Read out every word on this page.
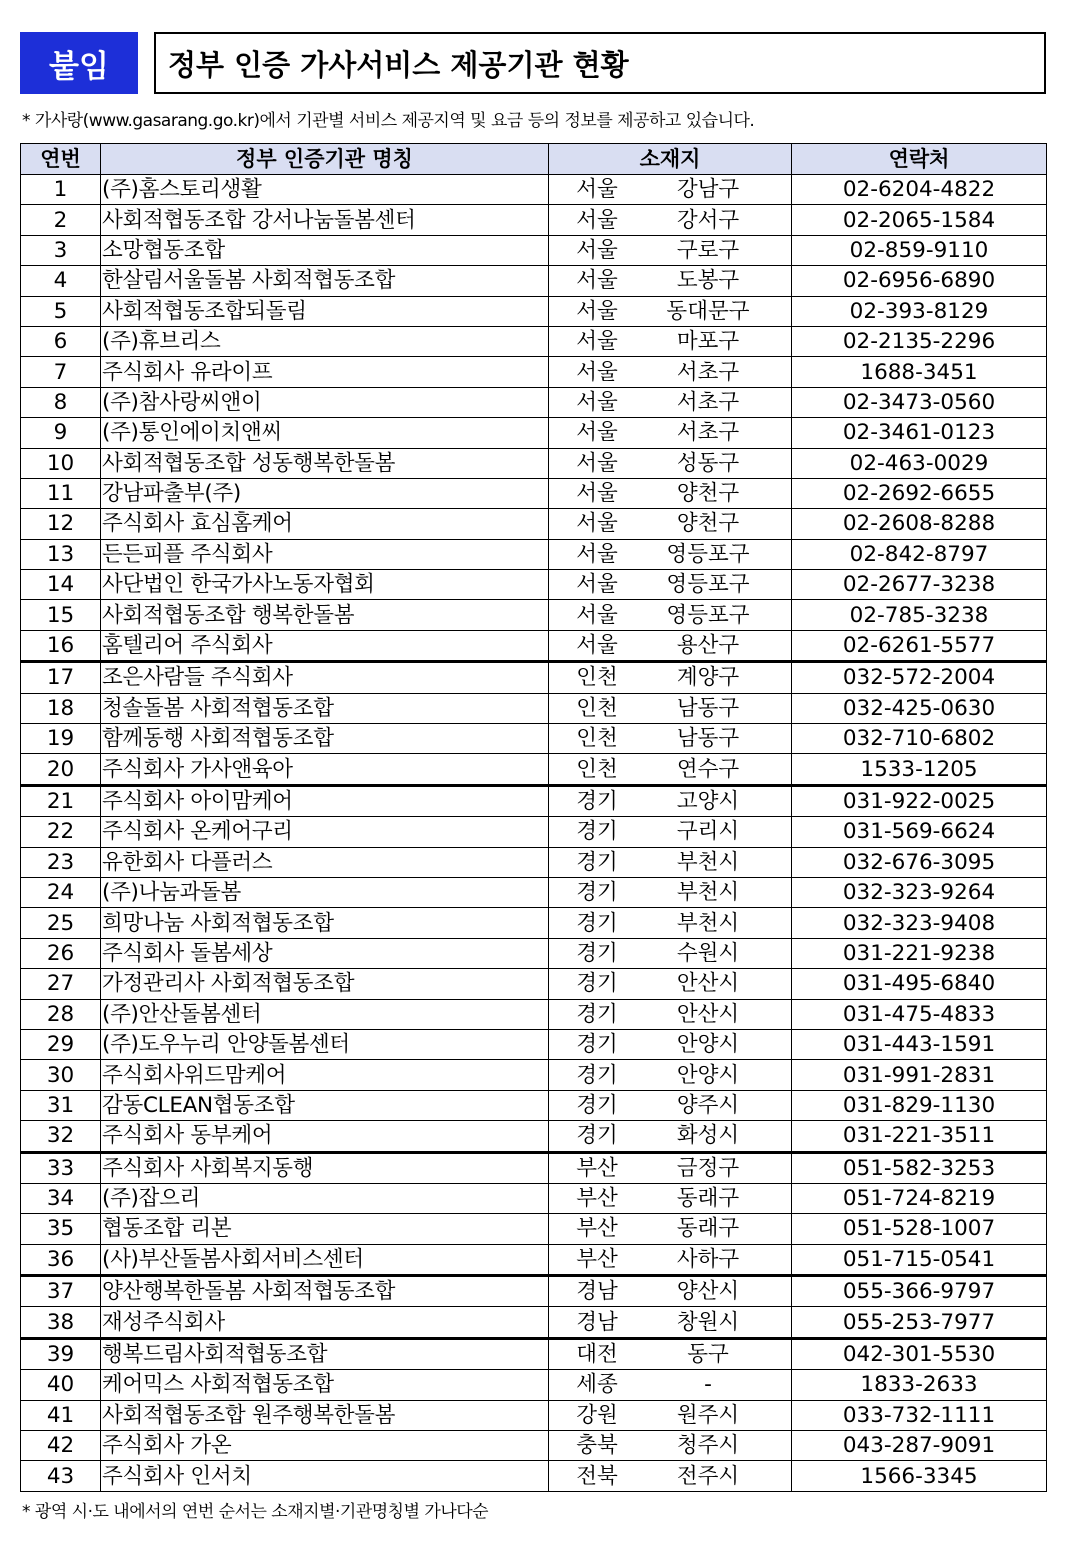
붙임	정부 인증 가사서비스 제공기관 현황
* 가사랑(www.gasarang.go.kr)에서 기관별 서비스 제공지역 및 요금 등의 정보를 제공하고 있습니다.
연번	정부 인증기관 명칭	소재지	연락처
1	(주)홈스토리생활	서울 강남구	02-6204-4822
2	사회적협동조합 강서나눔돌봄센터	서울 강서구	02-2065-1584
3	소망협동조합	서울 구로구	02-859-9110
4	한살림서울돌봄 사회적협동조합	서울 도봉구	02-6956-6890
5	사회적협동조합되돌림	서울 동대문구	02-393-8129
6	(주)휴브리스	서울 마포구	02-2135-2296
7	주식회사 유라이프	서울 서초구	1688-3451
8	(주)참사랑씨앤이	서울 서초구	02-3473-0560
9	(주)통인에이치앤씨	서울 서초구	02-3461-0123
10	사회적협동조합 성동행복한돌봄	서울 성동구	02-463-0029
11	강남파출부(주)	서울 양천구	02-2692-6655
12	주식회사 효심홈케어	서울 양천구	02-2608-8288
13	든든피플 주식회사	서울 영등포구	02-842-8797
14	사단법인 한국가사노동자협회	서울 영등포구	02-2677-3238
15	사회적협동조합 행복한돌봄	서울 영등포구	02-785-3238
16	홈텔리어 주식회사	서울 용산구	02-6261-5577
17	조은사람들 주식회사	인천 계양구	032-572-2004
18	청솔돌봄 사회적협동조합	인천 남동구	032-425-0630
19	함께동행 사회적협동조합	인천 남동구	032-710-6802
20	주식회사 가사앤육아	인천 연수구	1533-1205
21	주식회사 아이맘케어	경기 고양시	031-922-0025
22	주식회사 온케어구리	경기 구리시	031-569-6624
23	유한회사 다플러스	경기 부천시	032-676-3095
24	(주)나눔과돌봄	경기 부천시	032-323-9264
25	희망나눔 사회적협동조합	경기 부천시	032-323-9408
26	주식회사 돌봄세상	경기 수원시	031-221-9238
27	가정관리사 사회적협동조합	경기 안산시	031-495-6840
28	(주)안산돌봄센터	경기 안산시	031-475-4833
29	(주)도우누리 안양돌봄센터	경기 안양시	031-443-1591
30	주식회사위드맘케어	경기 안양시	031-991-2831
31	감동CLEAN협동조합	경기 양주시	031-829-1130
32	주식회사 동부케어	경기 화성시	031-221-3511
33	주식회사 사회복지동행	부산 금정구	051-582-3253
34	(주)잡으리	부산 동래구	051-724-8219
35	협동조합 리본	부산 동래구	051-528-1007
36	(사)부산돌봄사회서비스센터	부산 사하구	051-715-0541
37	양산행복한돌봄 사회적협동조합	경남 양산시	055-366-9797
38	재성주식회사	경남 창원시	055-253-7977
39	행복드림사회적협동조합	대전 동구	042-301-5530
40	케어믹스 사회적협동조합	세종 -	1833-2633
41	사회적협동조합 원주행복한돌봄	강원 원주시	033-732-1111
42	주식회사 가온	충북 청주시	043-287-9091
43	주식회사 인서치	전북 전주시	1566-3345
* 광역 시·도 내에서의 연번 순서는 소재지별·기관명칭별 가나다순
